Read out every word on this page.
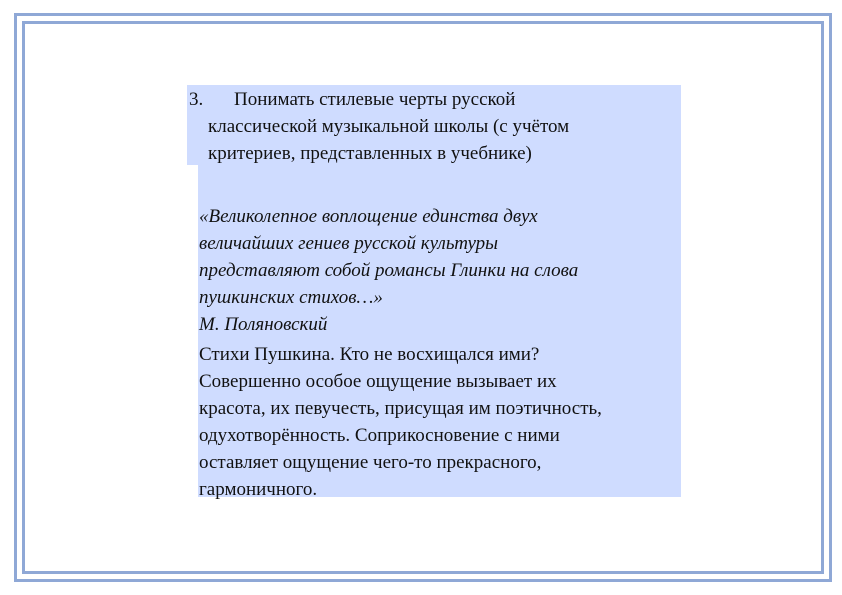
3. Понимать стилевые черты русской
классической музыкальной школы (с учётом
критериев, представленных в учебнике)
«Великолепное воплощение единства двух
величайших гениев русской культуры
представляют собой романсы Глинки на слова
пушкинских стихов…»
М. Поляновский
Стихи Пушкина. Кто не восхищался ими?
Совершенно особое ощущение вызывает их
красота, их певучесть, присущая им поэтичность,
одухотворённость. Соприкосновение с ними
оставляет ощущение чего-то прекрасного,
гармоничного.
